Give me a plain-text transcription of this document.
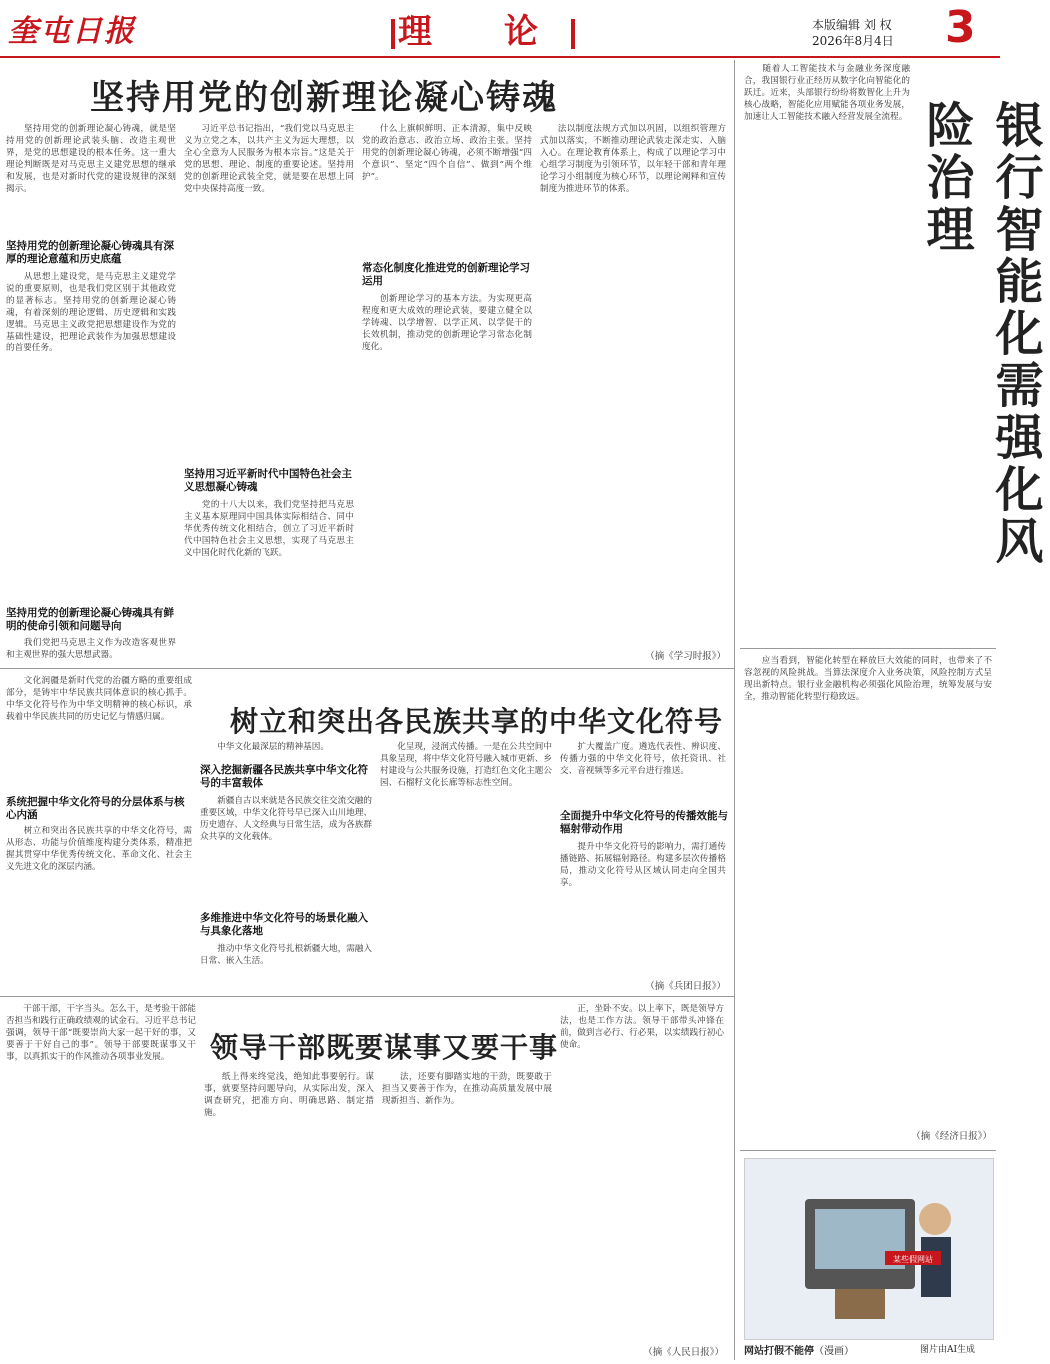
奎屯日报	理 论	本版编辑 刘 权
2026年8月4日 3
坚持用党的创新理论凝心铸魂
　　坚持用党的创新理论凝心铸魂，就是坚持用党的创新理论武装头脑、改造主观世界，是党的思想建设的根本任务。这一重大理论判断既是对马克思主义建党思想的继承和发展，也是对新时代党的建设规律的深刻揭示。
坚持用党的创新理论凝心铸魂具有深厚的理论意蕴和历史底蕴
　　从思想上建设党，是马克思主义建党学说的重要原则，也是我们党区别于其他政党的显著标志。坚持用党的创新理论凝心铸魂，有着深刻的理论逻辑、历史逻辑和实践逻辑。马克思主义政党把思想建设作为党的基础性建设，把理论武装作为加强思想建设的首要任务。
坚持用党的创新理论凝心铸魂具有鲜明的使命引领和问题导向
　　我们党把马克思主义作为改造客观世界和主观世界的强大思想武器。
　　习近平总书记指出，“我们党以马克思主义为立党之本，以共产主义为远大理想，以全心全意为人民服务为根本宗旨。”这是关于党的思想、理论、制度的重要论述。坚持用党的创新理论武装全党，就是要在思想上同党中央保持高度一致。
坚持用习近平新时代中国特色社会主义思想凝心铸魂
　　党的十八大以来，我们党坚持把马克思主义基本原理同中国具体实际相结合、同中华优秀传统文化相结合，创立了习近平新时代中国特色社会主义思想，实现了马克思主义中国化时代化新的飞跃。
　　什么上旗帜鲜明、正本清源，集中反映党的政治意志、政治立场、政治主张。坚持用党的创新理论凝心铸魂，必须不断增强“四个意识”、坚定“四个自信”、做到“两个维护”。
常态化制度化推进党的创新理论学习运用
　　创新理论学习的基本方法。为实现更高程度和更大成效的理论武装，要建立健全以学铸魂、以学增智、以学正风、以学促干的长效机制，推动党的创新理论学习常态化制度化。
　　法以制度法规方式加以巩固，以组织管理方式加以落实，不断推动理论武装走深走实、入脑入心。在理论教育体系上，构成了以理论学习中心组学习制度为引领环节，以年轻干部和青年理论学习小组制度为核心环节，以理论阐释和宣传制度为推进环节的体系。
（摘《学习时报》）
树立和突出各民族共享的中华文化符号
　　文化润疆是新时代党的治疆方略的重要组成部分，是铸牢中华民族共同体意识的核心抓手。中华文化符号作为中华文明精神的核心标识，承载着中华民族共同的历史记忆与情感归属。
系统把握中华文化符号的分层体系与核心内涵
　　树立和突出各民族共享的中华文化符号，需从形态、功能与价值维度构建分类体系，精准把握其贯穿中华优秀传统文化、革命文化、社会主义先进文化的深层内涵。
　　中华文化最深层的精神基因。
深入挖掘新疆各民族共享中华文化符号的丰富载体
　　新疆自古以来就是各民族交往交流交融的重要区域，中华文化符号早已深入山川地理、历史遗存、人文经典与日常生活，成为各族群众共享的文化载体。
多维推进中华文化符号的场景化融入与具象化落地
　　推动中华文化符号扎根新疆大地，需融入日常、嵌入生活。
　　化呈现，浸润式传播。一是在公共空间中具象呈现，将中华文化符号融入城市更新、乡村建设与公共服务设施，打造红色文化主题公园、石榴籽文化长廊等标志性空间。
　　扩大覆盖广度。遴选代表性、辨识度、传播力强的中华文化符号，依托资讯、社交、音视频等多元平台进行推送。
全面提升中华文化符号的传播效能与辐射带动作用
　　提升中华文化符号的影响力，需打通传播链路、拓展辐射路径。构建多层次传播格局，推动文化符号从区域认同走向全国共享。
（摘《兵团日报》）
领导干部既要谋事又要干事
　　干部干部，干字当头。怎么干，是考验干部能否担当和践行正确政绩观的试金石。习近平总书记强调，领导干部“既要崇尚大家一起干好的事，又要善于干好自己的事”。领导干部要既谋事又干事，以真抓实干的作风推动各项事业发展。
　　纸上得来终觉浅，绝知此事要躬行。谋事，就要坚持问题导向，从实际出发，深入调查研究，把准方向、明确思路、制定措施。
　　法，还要有脚踏实地的干劲，既要敢于担当又要善于作为，在推动高质量发展中展现新担当、新作为。
　　正，坐卧不安。以上率下，既是领导方法，也是工作方法。领导干部带头冲锋在前，做到言必行、行必果，以实绩践行初心使命。
（摘《人民日报》）
　　随着人工智能技术与金融业务深度融合，我国银行业正经历从数字化向智能化的跃迁。近来，头部银行纷纷将数智化上升为核心战略，智能化应用赋能各项业务发展，加速让人工智能技术融入经营发展全流程。	银行智能化需强化风险治理
　　应当看到，智能化转型在释放巨大效能的同时，也带来了不容忽视的风险挑战。当算法深度介入业务决策，风险控制方式呈现出新特点。银行业金融机构必须强化风险治理，统筹发展与安全，推动智能化转型行稳致远。
（摘《经济日报》）
某些假网站
网站打假不能停（漫画）	图片由AI生成
